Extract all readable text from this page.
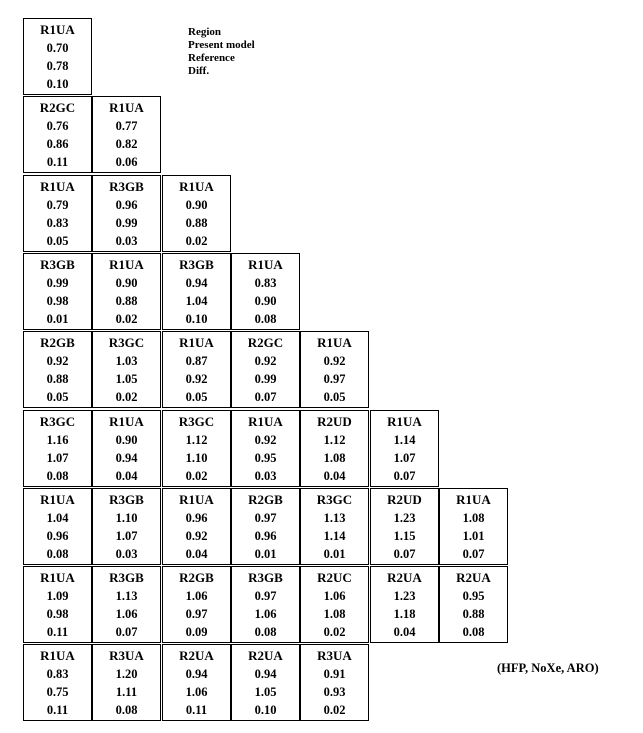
R1UA
0.70
0.78
0.10
R2GC
0.76
0.86
0.11
R1UA
0.77
0.82
0.06
R1UA
0.79
0.83
0.05
R3GB
0.96
0.99
0.03
R1UA
0.90
0.88
0.02
R3GB
0.99
0.98
0.01
R1UA
0.90
0.88
0.02
R3GB
0.94
1.04
0.10
R1UA
0.83
0.90
0.08
R2GB
0.92
0.88
0.05
R3GC
1.03
1.05
0.02
R1UA
0.87
0.92
0.05
R2GC
0.92
0.99
0.07
R1UA
0.92
0.97
0.05
R3GC
1.16
1.07
0.08
R1UA
0.90
0.94
0.04
R3GC
1.12
1.10
0.02
R1UA
0.92
0.95
0.03
R2UD
1.12
1.08
0.04
R1UA
1.14
1.07
0.07
R1UA
1.04
0.96
0.08
R3GB
1.10
1.07
0.03
R1UA
0.96
0.92
0.04
R2GB
0.97
0.96
0.01
R3GC
1.13
1.14
0.01
R2UD
1.23
1.15
0.07
R1UA
1.08
1.01
0.07
R1UA
1.09
0.98
0.11
R3GB
1.13
1.06
0.07
R2GB
1.06
0.97
0.09
R3GB
0.97
1.06
0.08
R2UC
1.06
1.08
0.02
R2UA
1.23
1.18
0.04
R2UA
0.95
0.88
0.08
R1UA
0.83
0.75
0.11
R3UA
1.20
1.11
0.08
R2UA
0.94
1.06
0.11
R2UA
0.94
1.05
0.10
R3UA
0.91
0.93
0.02
Region
Present model
Reference
Diff.
(HFP, NoXe, ARO)
